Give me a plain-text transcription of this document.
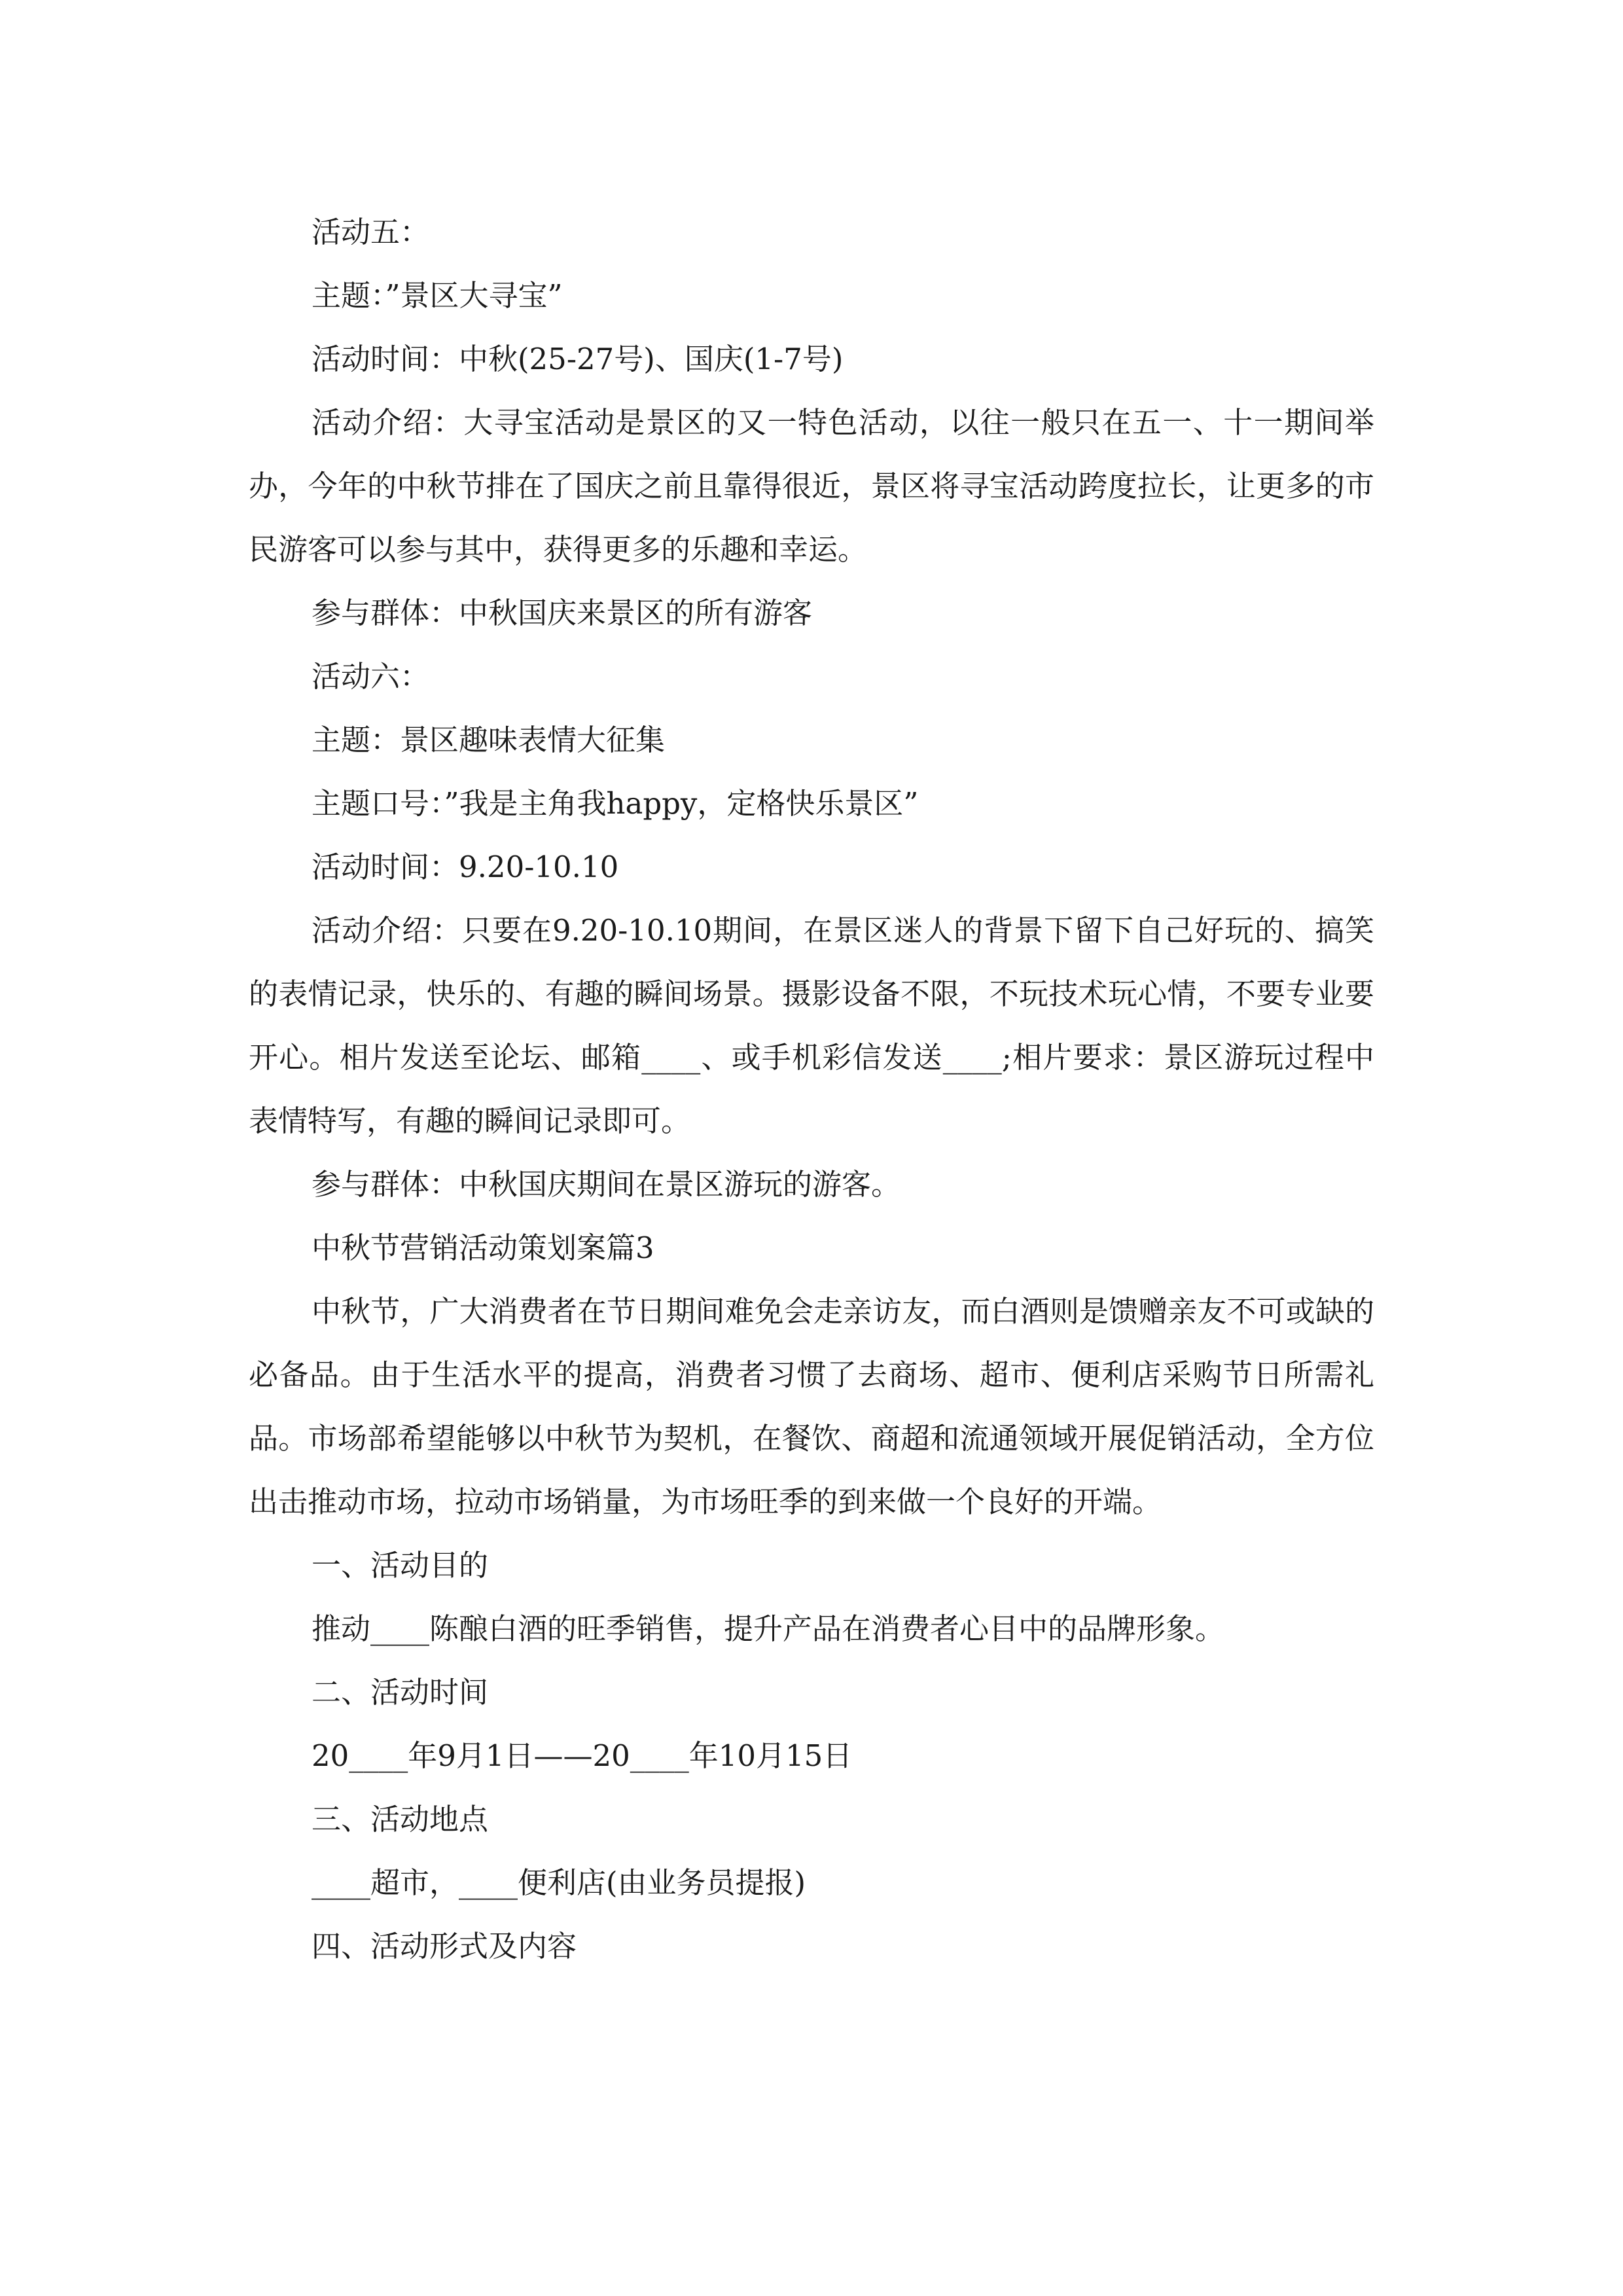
活动五：

主题：”景区大寻宝”

活动时间：中秋(25-27号)、国庆(1-7号)

活动介绍：大寻宝活动是景区的又一特色活动，以往一般只在五一、十一期间举办，今年的中秋节排在了国庆之前且靠得很近，景区将寻宝活动跨度拉长，让更多的市民游客可以参与其中，获得更多的乐趣和幸运。

参与群体：中秋国庆来景区的所有游客

活动六：

主题：景区趣味表情大征集

主题口号：”我是主角我happy，定格快乐景区”

活动时间：9.20-10.10

活动介绍：只要在9.20-10.10期间，在景区迷人的背景下留下自己好玩的、搞笑的表情记录，快乐的、有趣的瞬间场景。摄影设备不限，不玩技术玩心情，不要专业要开心。相片发送至论坛、邮箱____、或手机彩信发送____;相片要求：景区游玩过程中表情特写，有趣的瞬间记录即可。

参与群体：中秋国庆期间在景区游玩的游客。

中秋节营销活动策划案篇3

中秋节，广大消费者在节日期间难免会走亲访友，而白酒则是馈赠亲友不可或缺的必备品。由于生活水平的提高，消费者习惯了去商场、超市、便利店采购节日所需礼品。市场部希望能够以中秋节为契机，在餐饮、商超和流通领域开展促销活动，全方位出击推动市场，拉动市场销量，为市场旺季的到来做一个良好的开端。

一、活动目的

推动____陈酿白酒的旺季销售，提升产品在消费者心目中的品牌形象。

二、活动时间

20____年9月1日——20____年10月15日

三、活动地点

____超市，____便利店(由业务员提报)

四、活动形式及内容
